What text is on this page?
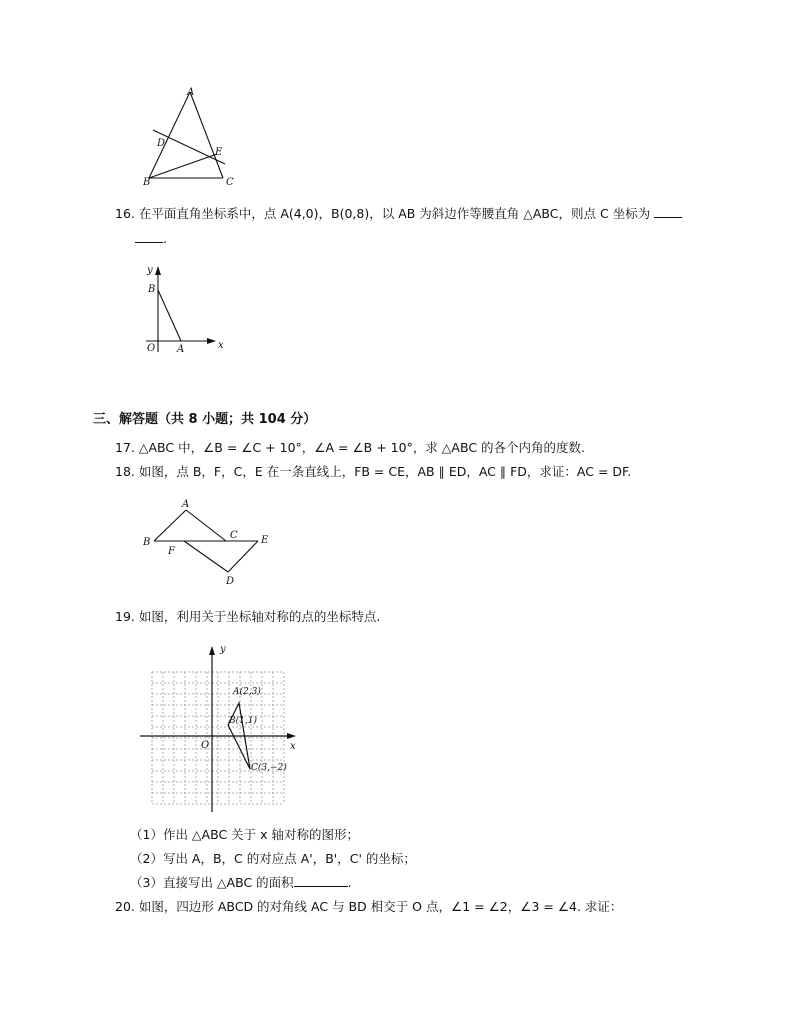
A
D
E
B	C
16. 在平面直角坐标系中，点 A(4,0)，B(0,8)，以 AB 为斜边作等腰直角 △ABC，则点 C 坐标为
.
y
B
O A	x
三、解答题（共 8 小题；共 104 分）
17. △ABC 中，∠B = ∠C + 10°，∠A = ∠B + 10°，求 △ABC 的各个内角的度数.
18. 如图，点 B，F，C，E 在一条直线上，FB = CE，AB ∥ ED，AC ∥ FD，求证：AC = DF.
A
B
C E
F
D
19. 如图，利用关于坐标轴对称的点的坐标特点.
y
x
O
A(2,3)
B(1,1)
C(3,−2)
（1）作出 △ABC 关于 x 轴对称的图形；
（2）写出 A，B，C 的对应点 A'，B'，C' 的坐标；
（3）直接写出 △ABC 的面积	.
20. 如图，四边形 ABCD 的对角线 AC 与 BD 相交于 O 点，∠1 = ∠2，∠3 = ∠4. 求证：
